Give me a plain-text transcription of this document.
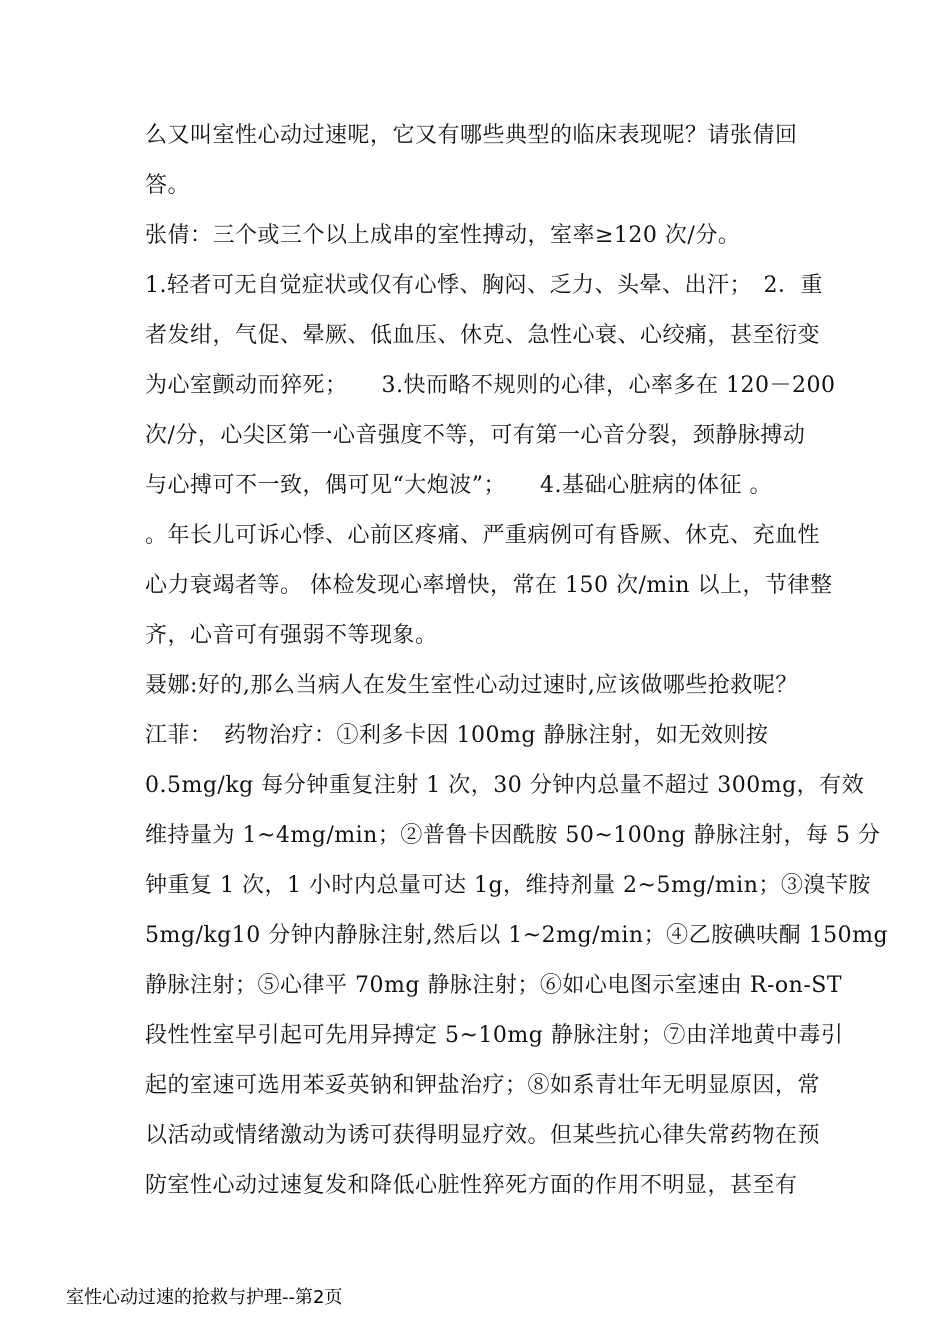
么又叫室性心动过速呢，它又有哪些典型的临床表现呢？请张倩回
答。
张倩：三个或三个以上成串的室性搏动，室率≥120 次/分。
1.轻者可无自觉症状或仅有心悸、胸闷、乏力、头晕、出汗；　2．重
者发绀，气促、晕厥、低血压、休克、急性心衰、心绞痛，甚至衍变
为心室颤动而猝死；　　3.快而略不规则的心律，心率多在 120－200
次/分，心尖区第一心音强度不等，可有第一心音分裂，颈静脉搏动
与心搏可不一致，偶可见“大炮波”；　　4.基础心脏病的体征 。
。年长儿可诉心悸、心前区疼痛、严重病例可有昏厥、休克、充血性
心力衰竭者等。 体检发现心率增快，常在 150 次/min 以上，节律整
齐，心音可有强弱不等现象。
聂娜:好的,那么当病人在发生室性心动过速时,应该做哪些抢救呢？
江菲：　药物治疗：①利多卡因 100mg 静脉注射，如无效则按
0.5mg/kg 每分钟重复注射 1 次，30 分钟内总量不超过 300mg，有效
维持量为 1~4mg/min；②普鲁卡因酰胺 50~100ng 静脉注射，每 5 分
钟重复 1 次，1 小时内总量可达 1g，维持剂量 2~5mg/min；③溴苄胺
5mg/kg10 分钟内静脉注射,然后以 1~2mg/min；④乙胺碘呋酮 150mg
静脉注射；⑤心律平 70mg 静脉注射；⑥如心电图示室速由 R-on-ST
段性性室早引起可先用异搏定 5~10mg 静脉注射；⑦由洋地黄中毒引
起的室速可选用苯妥英钠和钾盐治疗；⑧如系青壮年无明显原因，常
以活动或情绪激动为诱可获得明显疗效。但某些抗心律失常药物在预
防室性心动过速复发和降低心脏性猝死方面的作用不明显，甚至有
室性心动过速的抢救与护理--第2页
